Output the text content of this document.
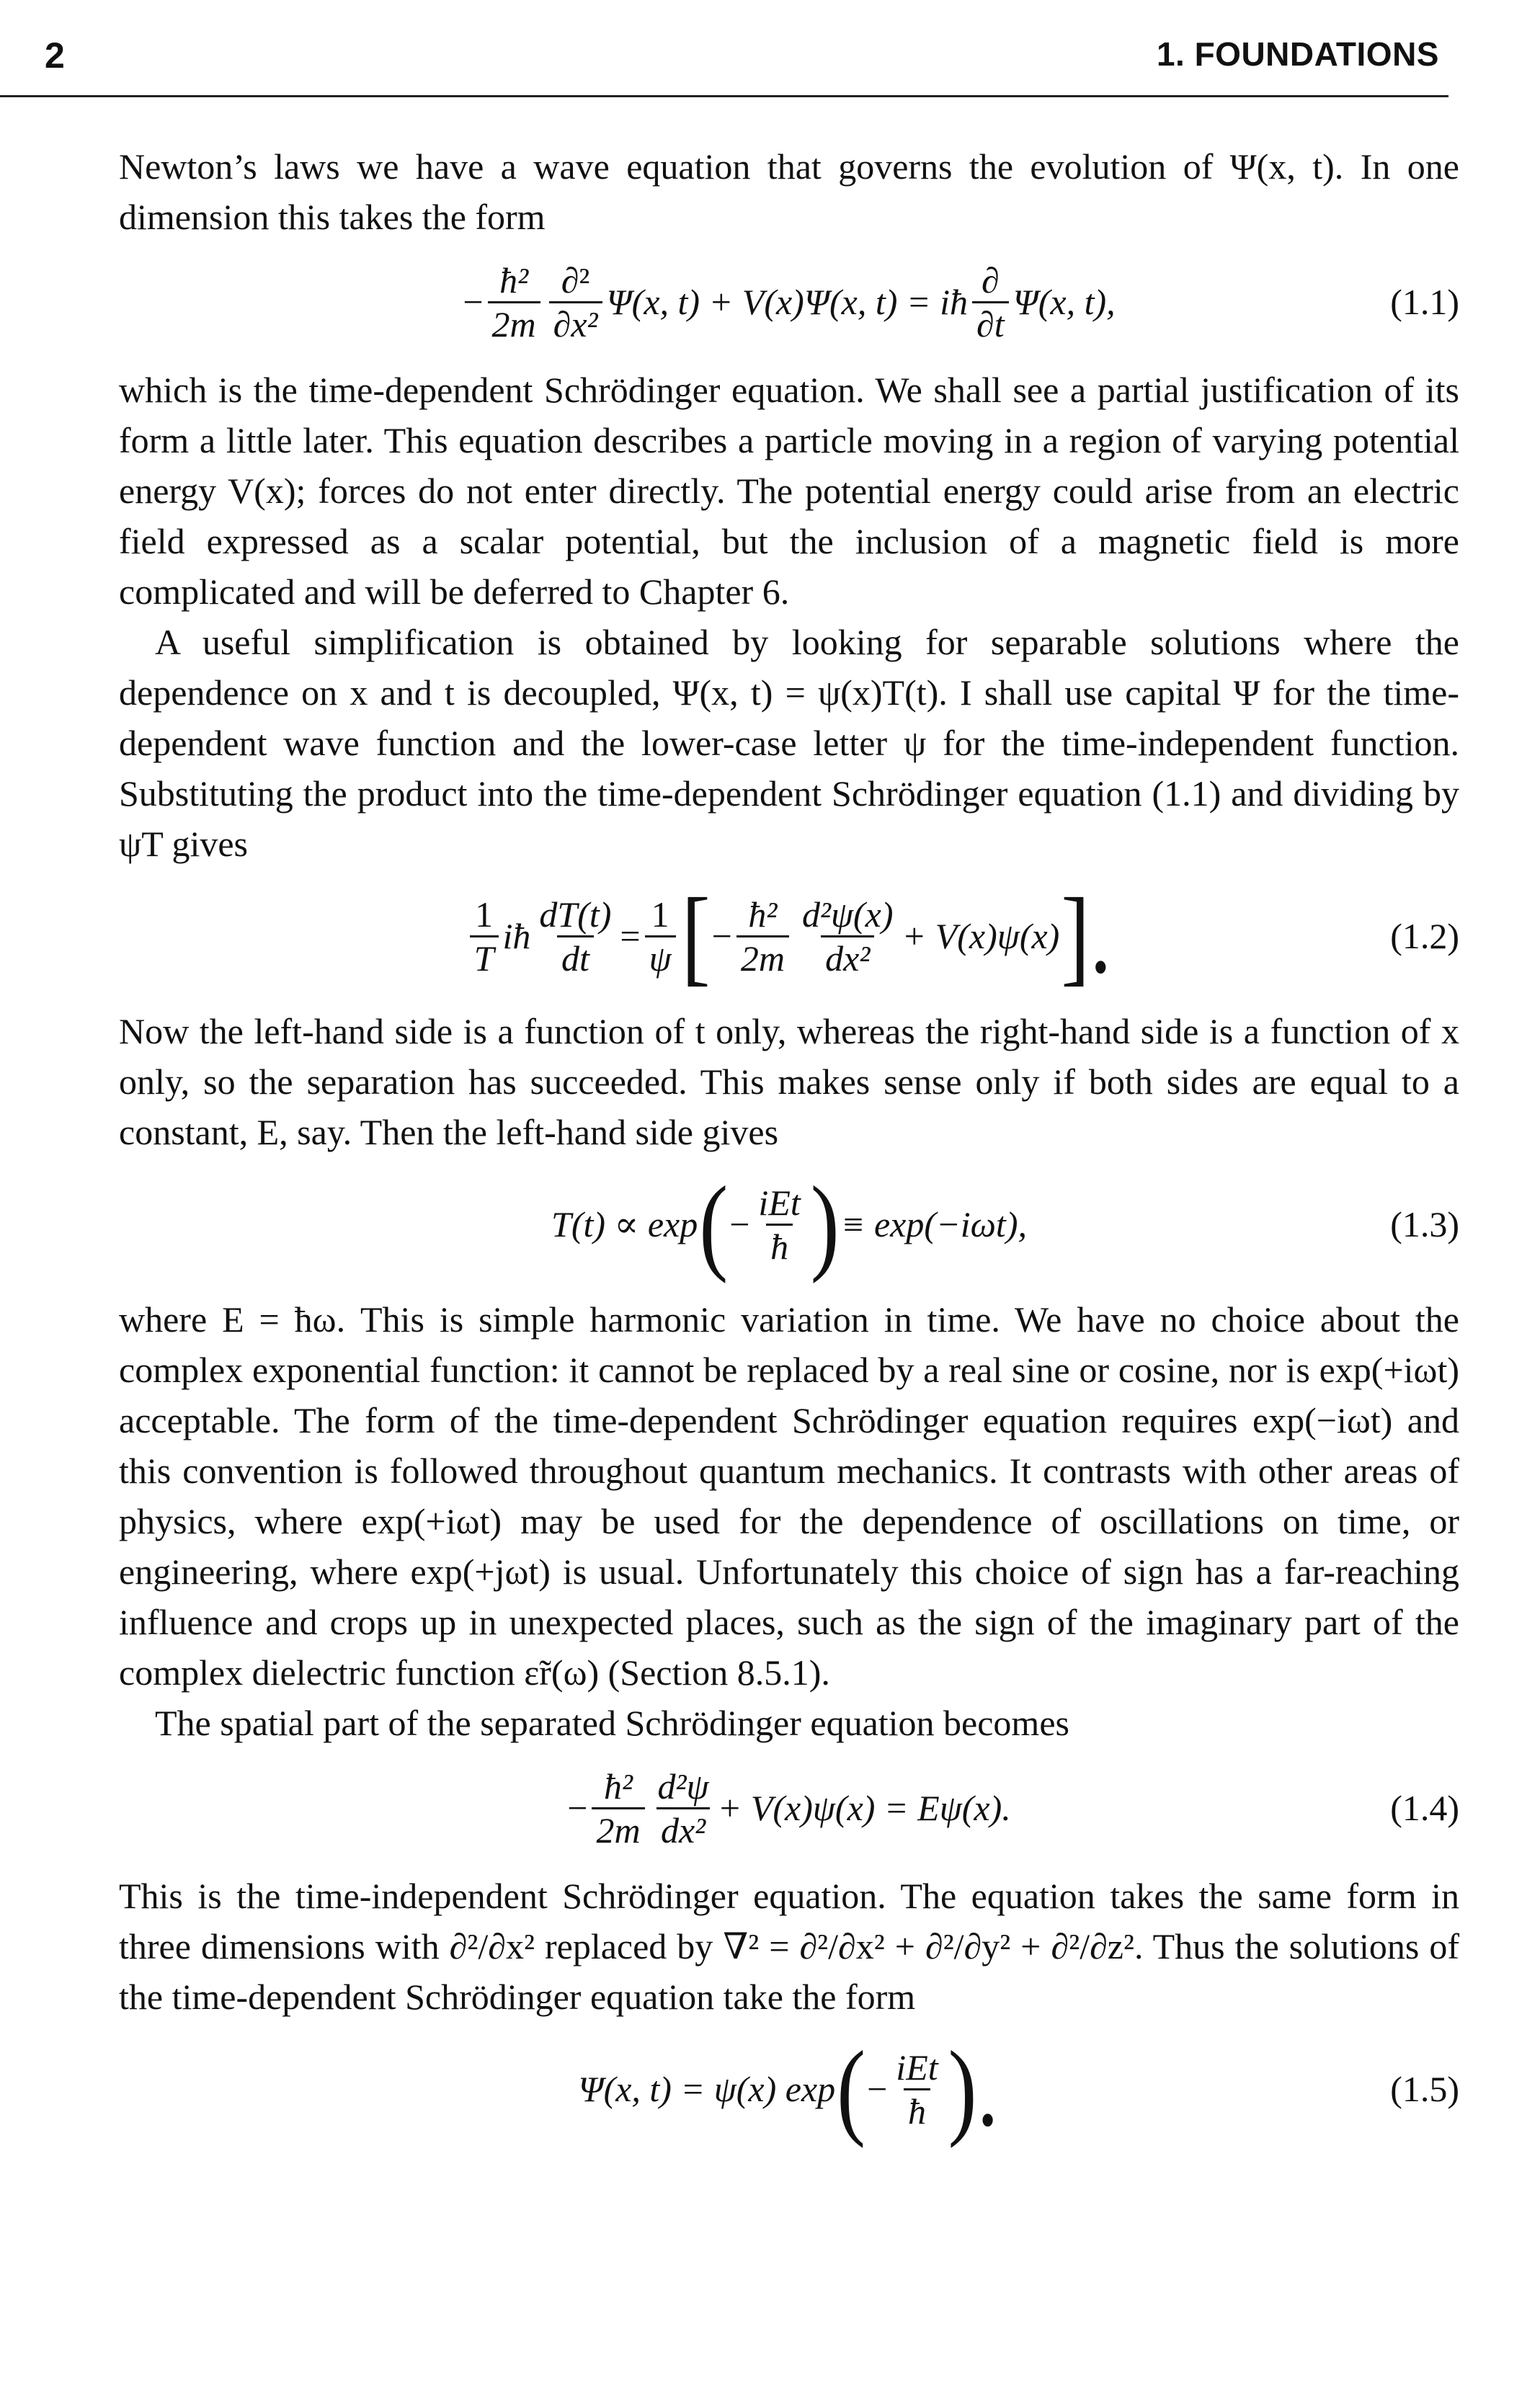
2	1. FOUNDATIONS

Newton’s laws we have a wave equation that governs the evolution of Ψ(x, t). In one dimension this takes the form

− $\frac{\text{ħ²}}{2m} \frac{\text{∂²}}{\text{∂x²}} \Psi(x$, t) + V(x)Ψ(x, t) = iħ $\frac{\partial}{\partial t} \Psi(x$, t),	(1.1)

which is the time-dependent Schrödinger equation. We shall see a partial justification of its form a little later. This equation describes a particle moving in a region of varying potential energy V(x); forces do not enter directly. The potential energy could arise from an electric field expressed as a scalar potential, but the inclusion of a magnetic field is more complicated and will be deferred to Chapter 6.

A useful simplification is obtained by looking for separable solutions where the dependence on x and t is decoupled, Ψ(x, t) = ψ(x)T(t). I shall use capital Ψ for the time-dependent wave function and the lower-case letter ψ for the time-independent function. Substituting the product into the time-dependent Schrödinger equation (1.1) and dividing by ψT gives

$\frac{1}{T}$ iħ $\frac{dT(t)}{dt} = \frac{1}{\psi}$ [ − $\frac{\text{ħ²}}{2m} \frac{\text{d²ψ(x)}}{\text{dx²}} + V(x)\psi(x)$ ].	(1.2)

Now the left-hand side is a function of t only, whereas the right-hand side is a function of x only, so the separation has succeeded. This makes sense only if both sides are equal to a constant, E, say. Then the left-hand side gives

T(t) ∝ exp ( − $\frac{\text{iEt}}{ħ}$ ) ≡ exp(−iωt),	(1.3)

where E = ħω. This is simple harmonic variation in time. We have no choice about the complex exponential function: it cannot be replaced by a real sine or cosine, nor is exp(+iωt) acceptable. The form of the time-dependent Schrödinger equation requires exp(−iωt) and this convention is followed throughout quantum mechanics. It contrasts with other areas of physics, where exp(+iωt) may be used for the dependence of oscillations on time, or engineering, where exp(+jωt) is usual. Unfortunately this choice of sign has a far-reaching influence and crops up in unexpected places, such as the sign of the imaginary part of the complex dielectric function ε̃r(ω) (Section 8.5.1).

The spatial part of the separated Schrödinger equation becomes

− $\frac{\text{ħ²}}{2m} \frac{\text{d²ψ}}{\text{dx²}} + V(x)\psi(x) = E\psi(x)$.	(1.4)

This is the time-independent Schrödinger equation. The equation takes the same form in three dimensions with ∂²/∂x² replaced by ∇² = ∂²/∂x² + ∂²/∂y² + ∂²/∂z². Thus the solutions of the time-dependent Schrödinger equation take the form

Ψ(x, t) = ψ(x) exp ( − $\frac{\text{iEt}}{ħ}$ ).	(1.5)
